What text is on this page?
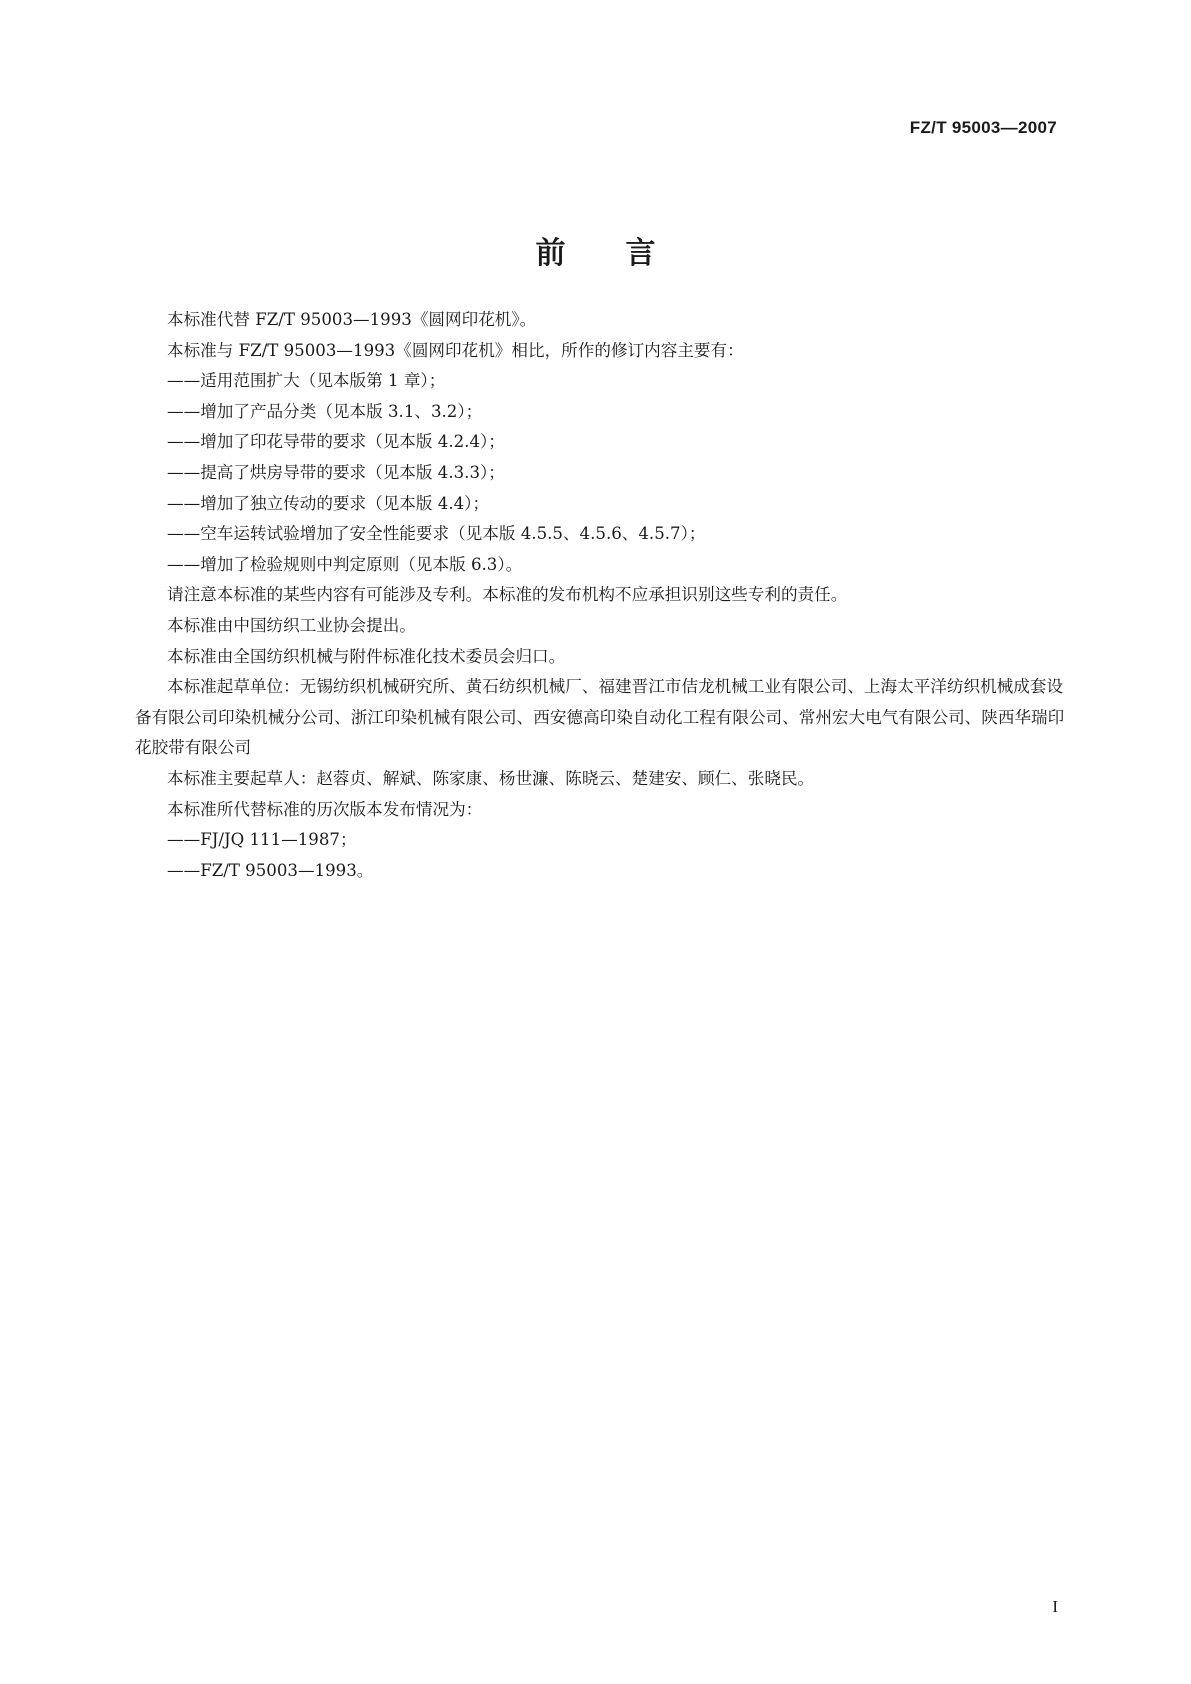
FZ/T 95003—2007
前言

本标准代替 FZ/T 95003—1993《圆网印花机》。

本标准与 FZ/T 95003—1993《圆网印花机》相比，所作的修订内容主要有：

——适用范围扩大（见本版第 1 章）；

——增加了产品分类（见本版 3.1、3.2）；

——增加了印花导带的要求（见本版 4.2.4）；

——提高了烘房导带的要求（见本版 4.3.3）；

——增加了独立传动的要求（见本版 4.4）；

——空车运转试验增加了安全性能要求（见本版 4.5.5、4.5.6、4.5.7）；

——增加了检验规则中判定原则（见本版 6.3）。

请注意本标准的某些内容有可能涉及专利。本标准的发布机构不应承担识别这些专利的责任。

本标准由中国纺织工业协会提出。

本标准由全国纺织机械与附件标准化技术委员会归口。

本标准起草单位：无锡纺织机械研究所、黄石纺织机械厂、福建晋江市佶龙机械工业有限公司、上海太平洋纺织机械成套设备有限公司印染机械分公司、浙江印染机械有限公司、西安德高印染自动化工程有限公司、常州宏大电气有限公司、陕西华瑞印花胶带有限公司

本标准主要起草人：赵蓉贞、解斌、陈家康、杨世濂、陈晓云、楚建安、顾仁、张晓民。

本标准所代替标准的历次版本发布情况为：

——FJ/JQ 111—1987；

——FZ/T 95003—1993。

I
